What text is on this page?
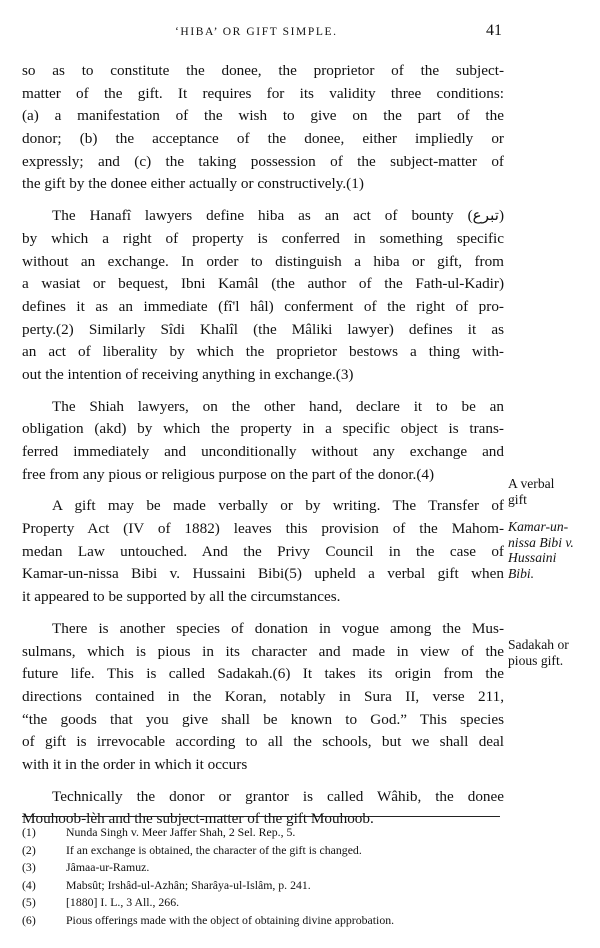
‘HIBA’ OR GIFT SIMPLE.	41
so as to constitute the donee, the proprietor of the subject-
matter of the gift. It requires for its validity three conditions:
(a) a manifestation of the wish to give on the part of the
donor; (b) the acceptance of the donee, either impliedly or
expressly; and (c) the taking possession of the subject-matter of
the gift by the donee either actually or constructively.(1)
The Hanafî lawyers define hiba as an act of bounty (تبرع)
by which a right of property is conferred in something specific
without an exchange. In order to distinguish a hiba or gift, from
a wasiat or bequest, Ibni Kamâl (the author of the Fath-ul-Kadir)
defines it as an immediate (fî'l hâl) conferment of the right of pro-
perty.(2) Similarly Sîdi Khalîl (the Mâliki lawyer) defines it as
an act of liberality by which the proprietor bestows a thing with-
out the intention of receiving anything in exchange.(3)
The Shiah lawyers, on the other hand, declare it to be an
obligation (akd) by which the property in a specific object is trans-
ferred immediately and unconditionally without any exchange and
free from any pious or religious purpose on the part of the donor.(4)
A gift may be made verbally or by writing. The Transfer of
Property Act (IV of 1882) leaves this provision of the Mahom-
medan Law untouched. And the Privy Council in the case of
Kamar-un-nissa Bibi v. Hussaini Bibi(5) upheld a verbal gift when
it appeared to be supported by all the circumstances.
There is another species of donation in vogue among the Mus-
sulmans, which is pious in its character and made in view of the
future life. This is called Sadakah.(6) It takes its origin from the
directions contained in the Koran, notably in Sura II, verse 211,
“the goods that you give shall be known to God.” This species
of gift is irrevocable according to all the schools, but we shall deal
with it in the order in which it occurs
Technically the donor or grantor is called Wâhib, the donee
Mouhoob-lèh and the subject-matter of the gift Mouhoob.
A verbal
gift
Kamar-un-
nissa Bibi v.
Hussaini
Bibi.
Sadakah or
pious gift.
(1)	Nunda Singh v. Meer Jaffer Shah, 2 Sel. Rep., 5.
(2)	If an exchange is obtained, the character of the gift is changed.
(3)	Jâmaa-ur-Ramuz.
(4)	Mabsût; Irshâd-ul-Azhân; Sharâya-ul-Islâm, p. 241.
(5)	[1880] I. L., 3 All., 266.
(6)	Pious offerings made with the object of obtaining divine approbation.
